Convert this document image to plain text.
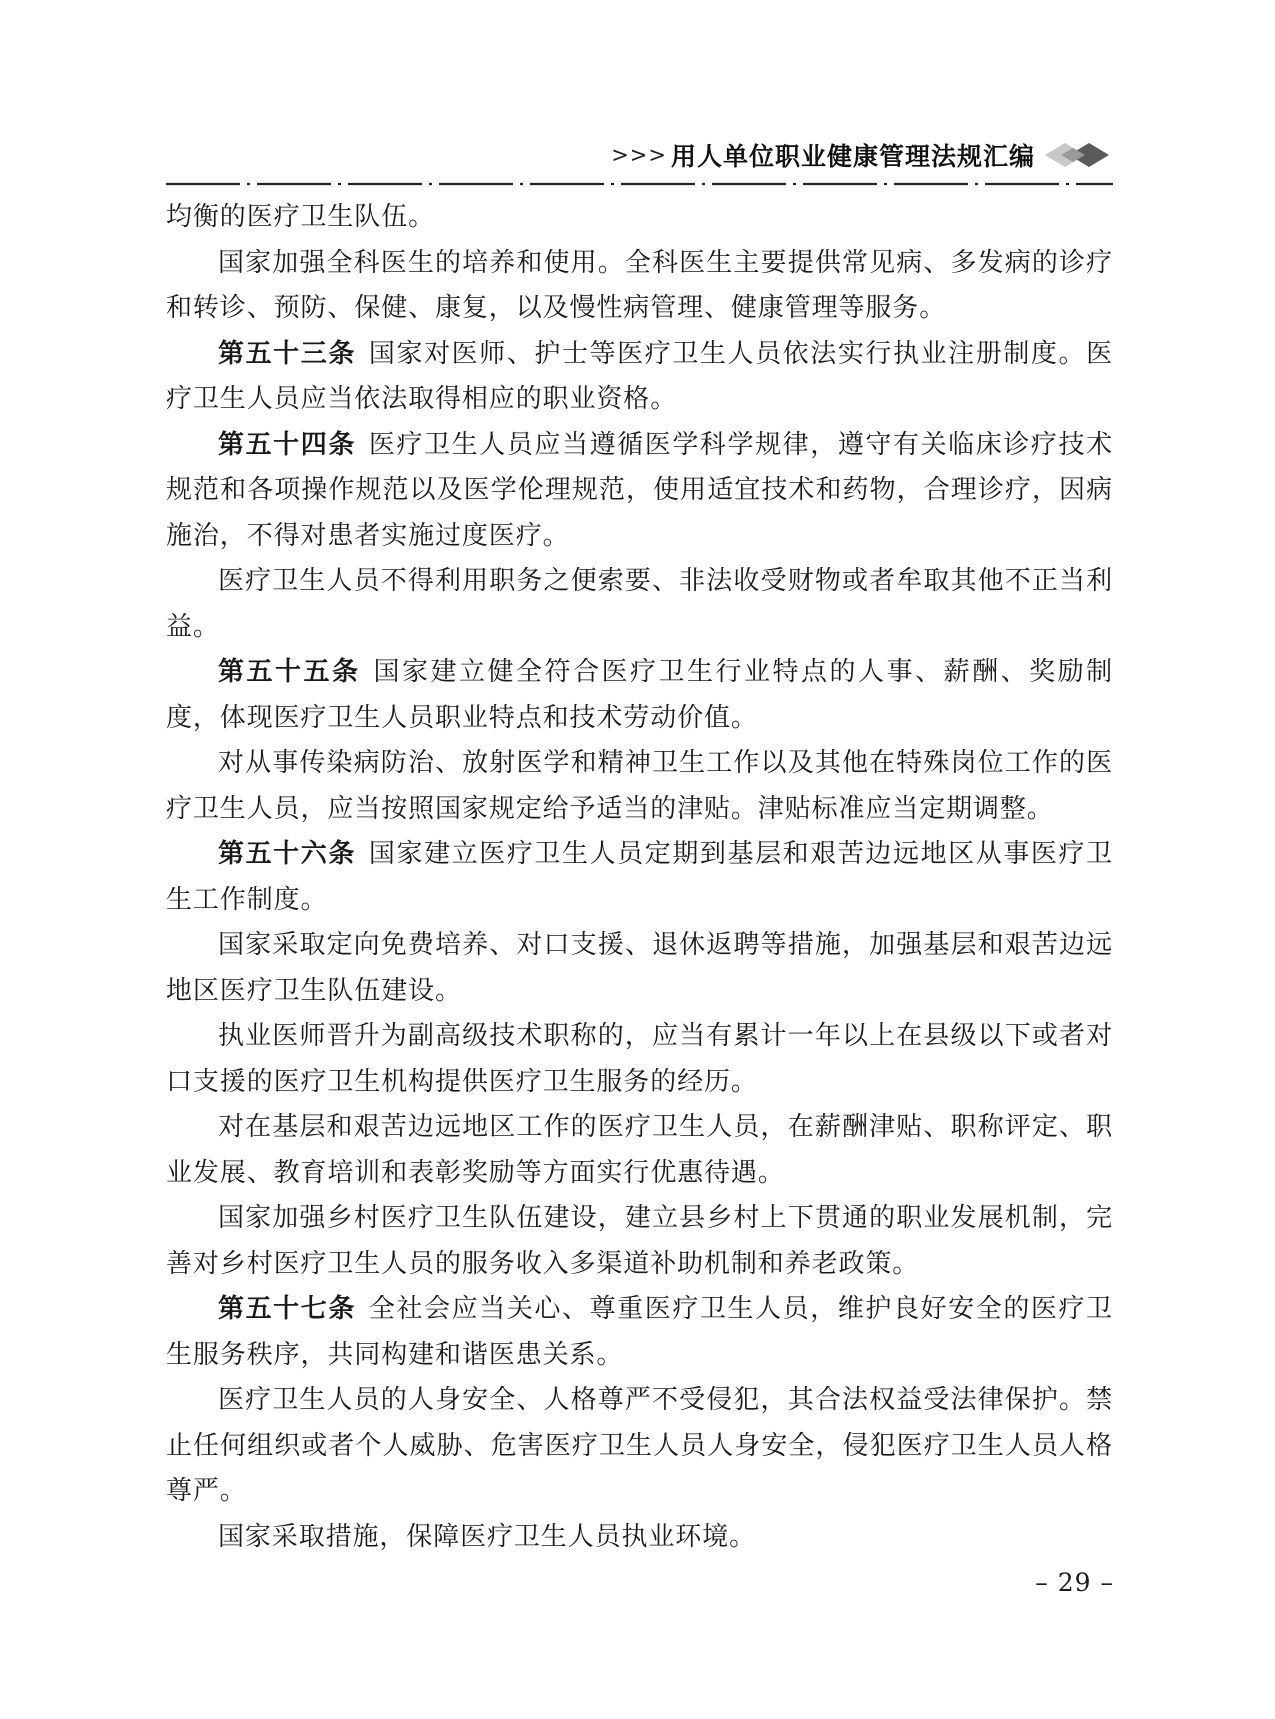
>>> 用人单位职业健康管理法规汇编

均衡的医疗卫生队伍。

国家加强全科医生的培养和使用。全科医生主要提供常见病、多发病的诊疗和转诊、预防、保健、康复，以及慢性病管理、健康管理等服务。

第五十三条 国家对医师、护士等医疗卫生人员依法实行执业注册制度。医疗卫生人员应当依法取得相应的职业资格。

第五十四条 医疗卫生人员应当遵循医学科学规律，遵守有关临床诊疗技术规范和各项操作规范以及医学伦理规范，使用适宜技术和药物，合理诊疗，因病施治，不得对患者实施过度医疗。

医疗卫生人员不得利用职务之便索要、非法收受财物或者牟取其他不正当利益。

第五十五条 国家建立健全符合医疗卫生行业特点的人事、薪酬、奖励制度，体现医疗卫生人员职业特点和技术劳动价值。

对从事传染病防治、放射医学和精神卫生工作以及其他在特殊岗位工作的医疗卫生人员，应当按照国家规定给予适当的津贴。津贴标准应当定期调整。

第五十六条 国家建立医疗卫生人员定期到基层和艰苦边远地区从事医疗卫生工作制度。

国家采取定向免费培养、对口支援、退休返聘等措施，加强基层和艰苦边远地区医疗卫生队伍建设。

执业医师晋升为副高级技术职称的，应当有累计一年以上在县级以下或者对口支援的医疗卫生机构提供医疗卫生服务的经历。

对在基层和艰苦边远地区工作的医疗卫生人员，在薪酬津贴、职称评定、职业发展、教育培训和表彰奖励等方面实行优惠待遇。

国家加强乡村医疗卫生队伍建设，建立县乡村上下贯通的职业发展机制，完善对乡村医疗卫生人员的服务收入多渠道补助机制和养老政策。

第五十七条 全社会应当关心、尊重医疗卫生人员，维护良好安全的医疗卫生服务秩序，共同构建和谐医患关系。

医疗卫生人员的人身安全、人格尊严不受侵犯，其合法权益受法律保护。禁止任何组织或者个人威胁、危害医疗卫生人员人身安全，侵犯医疗卫生人员人格尊严。

国家采取措施，保障医疗卫生人员执业环境。

– 29 –
